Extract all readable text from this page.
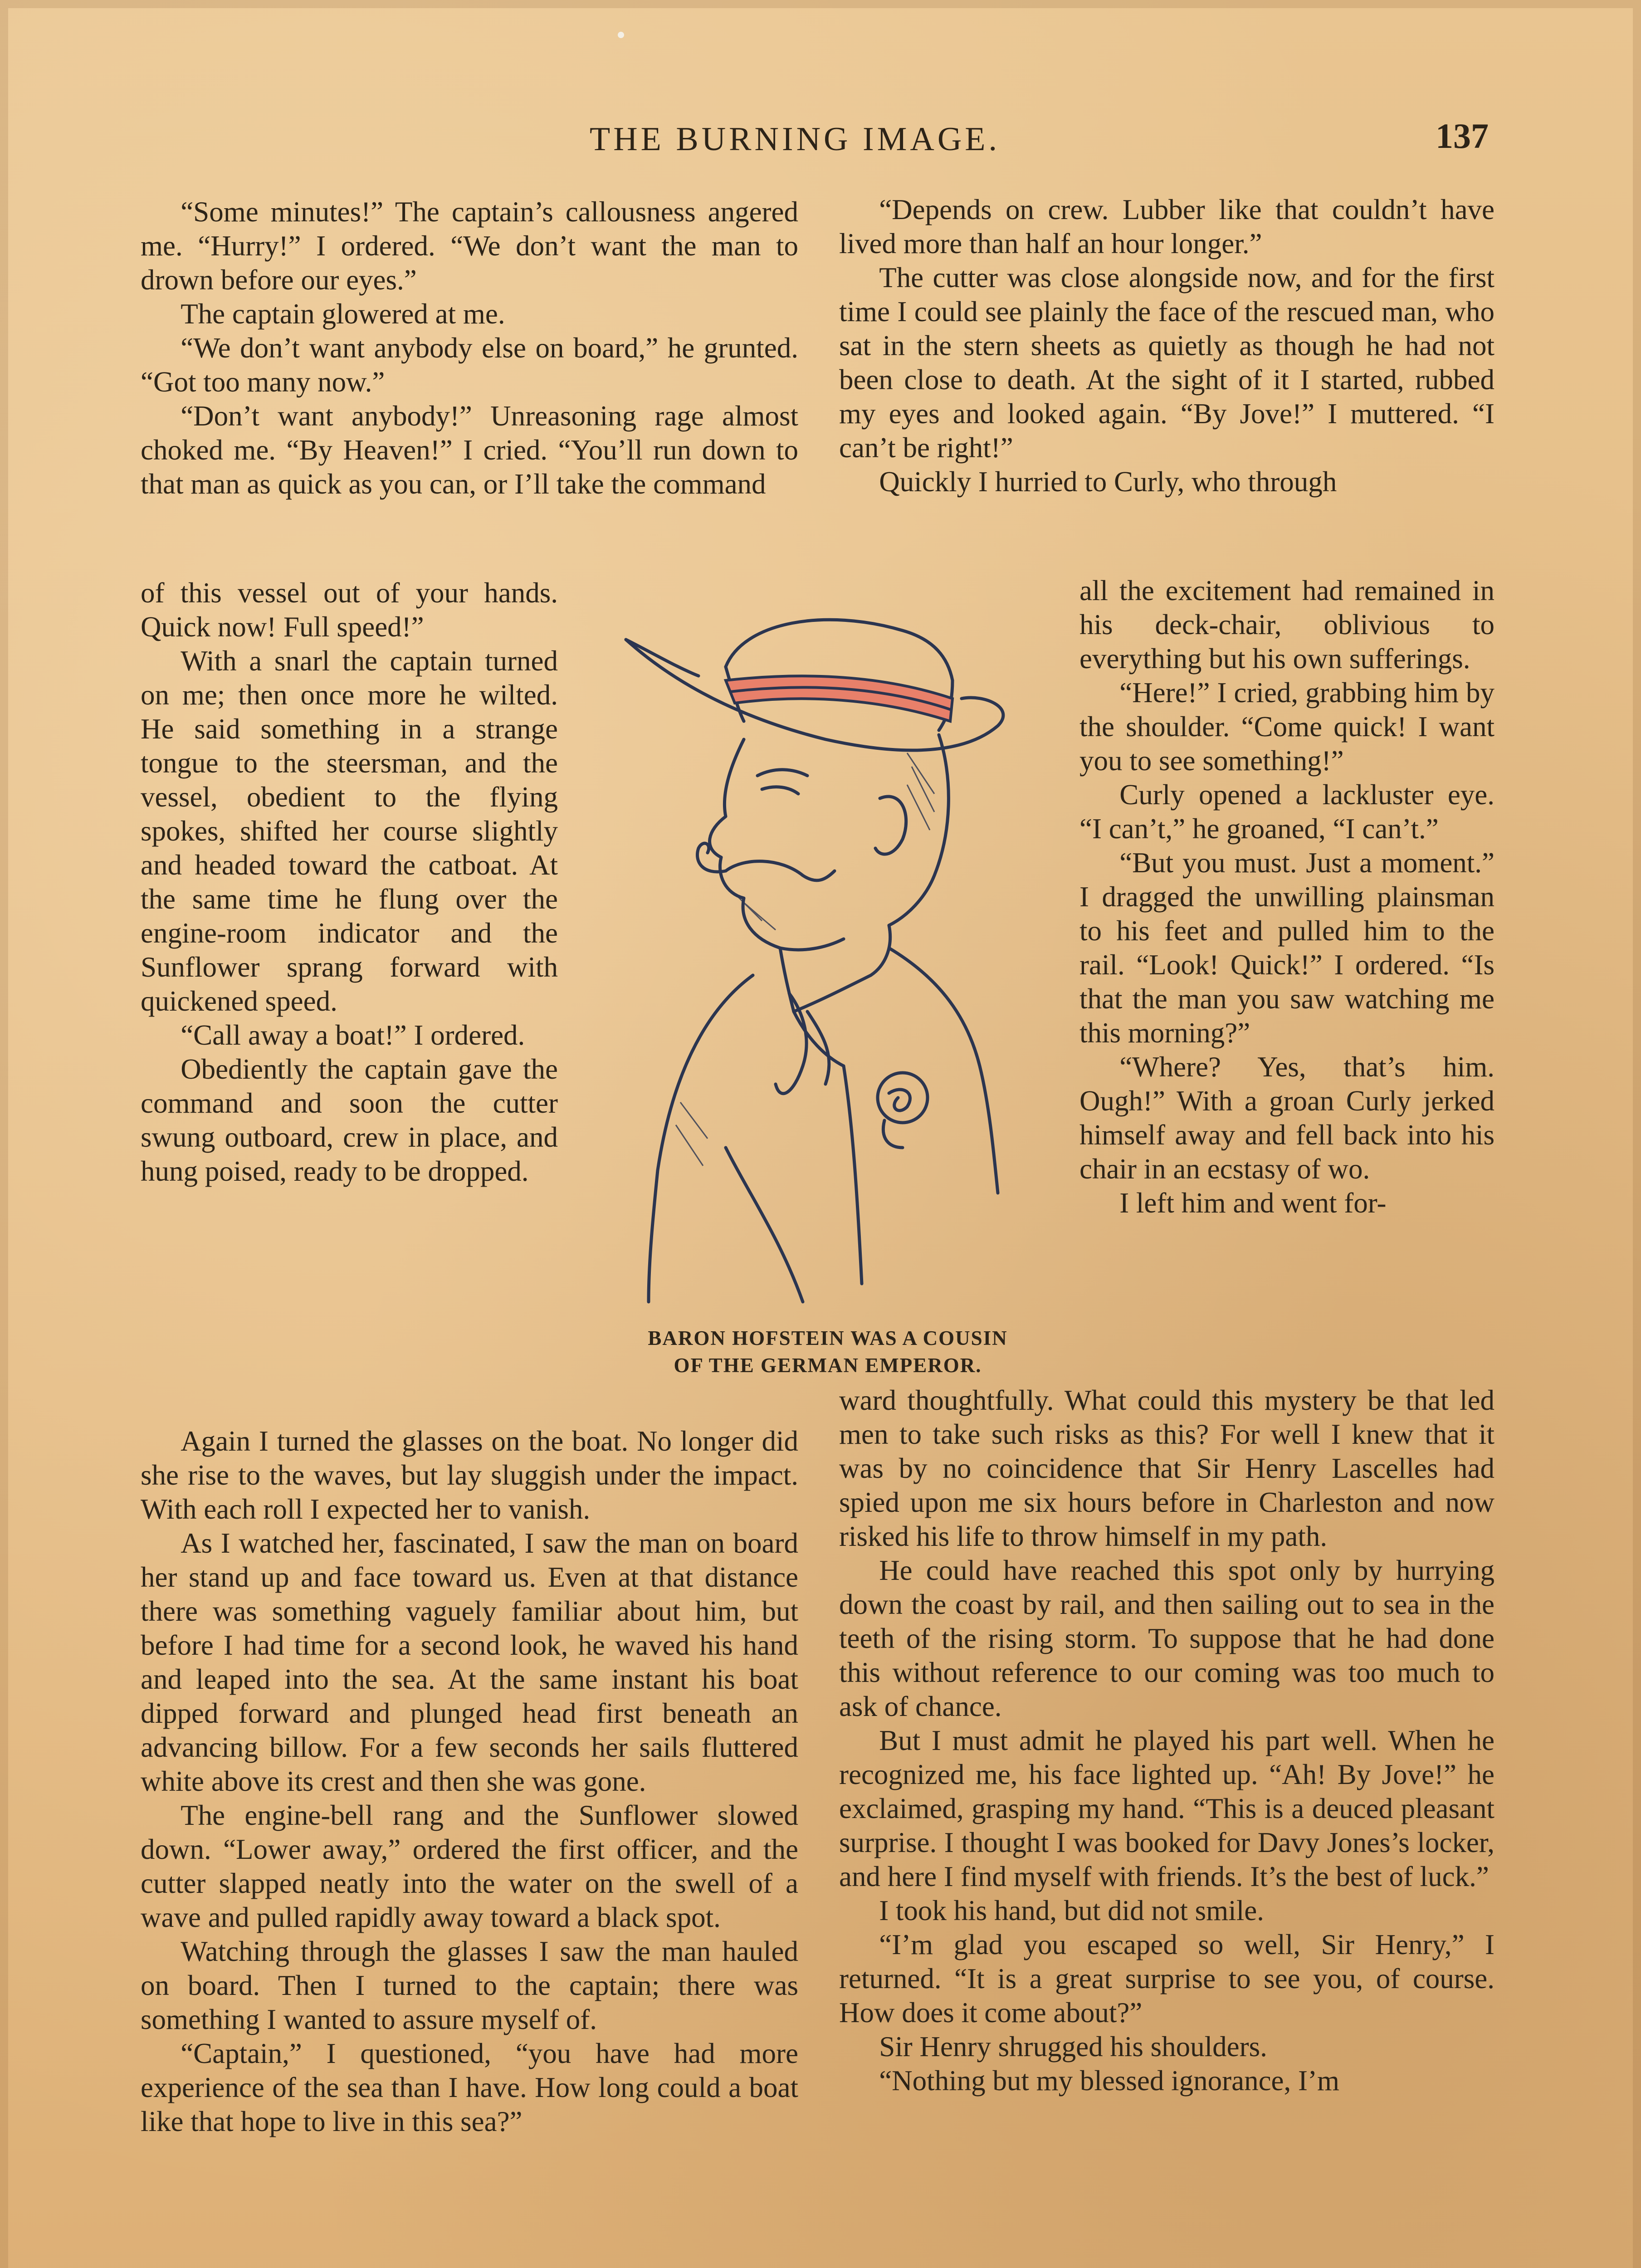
THE BURNING IMAGE.	137

“Some minutes!” The captain’s callousness angered me. “Hurry!” I ordered. “We don’t want the man to drown before our eyes.”

The captain glowered at me.

“We don’t want anybody else on board,” he grunted. “Got too many now.”

“Don’t want anybody!” Unreasoning rage almost choked me. “By Heaven!” I cried. “You’ll run down to that man as quick as you can, or I’ll take the command

of this vessel out of your hands. Quick now! Full speed!”

With a snarl the captain turned on me; then once more he wilted. He said something in a strange tongue to the steersman, and the vessel, obedient to the flying spokes, shifted her course slightly and headed toward the catboat. At the same time he flung over the engine-room indicator and the Sunflower sprang forward with quickened speed.

“Call away a boat!” I ordered.

Obediently the captain gave the command and soon the cutter swung outboard, crew in place, and hung poised, ready to be dropped.

Again I turned the glasses on the boat. No longer did she rise to the waves, but lay sluggish under the impact. With each roll I expected her to vanish.

As I watched her, fascinated, I saw the man on board her stand up and face toward us. Even at that distance there was something vaguely familiar about him, but before I had time for a second look, he waved his hand and leaped into the sea. At the same instant his boat dipped forward and plunged head first beneath an advancing billow. For a few seconds her sails fluttered white above its crest and then she was gone.

The engine-bell rang and the Sunflower slowed down. “Lower away,” ordered the first officer, and the cutter slapped neatly into the water on the swell of a wave and pulled rapidly away toward a black spot.

Watching through the glasses I saw the man hauled on board. Then I turned to the captain; there was something I wanted to assure myself of.

“Captain,” I questioned, “you have had more experience of the sea than I have. How long could a boat like that hope to live in this sea?”

“Depends on crew. Lubber like that couldn’t have lived more than half an hour longer.”

The cutter was close alongside now, and for the first time I could see plainly the face of the rescued man, who sat in the stern sheets as quietly as though he had not been close to death. At the sight of it I started, rubbed my eyes and looked again. “By Jove!” I muttered. “I can’t be right!”

Quickly I hurried to Curly, who through

all the excitement had remained in his deck-chair, oblivious to everything but his own sufferings.

“Here!” I cried, grabbing him by the shoulder. “Come quick! I want you to see something!”

Curly opened a lackluster eye. “I can’t,” he groaned, “I can’t.”

“But you must. Just a moment.” I dragged the unwilling plainsman to his feet and pulled him to the rail. “Look! Quick!” I ordered. “Is that the man you saw watching me this morning?”

“Where? Yes, that’s him. Ough!” With a groan Curly jerked himself away and fell back into his chair in an ecstasy of wo.

I left him and went for-

ward thoughtfully. What could this mystery be that led men to take such risks as this? For well I knew that it was by no coincidence that Sir Henry Lascelles had spied upon me six hours before in Charleston and now risked his life to throw himself in my path.

He could have reached this spot only by hurrying down the coast by rail, and then sailing out to sea in the teeth of the rising storm. To suppose that he had done this without reference to our coming was too much to ask of chance.

But I must admit he played his part well. When he recognized me, his face lighted up. “Ah! By Jove!” he exclaimed, grasping my hand. “This is a deuced pleasant surprise. I thought I was booked for Davy Jones’s locker, and here I find myself with friends. It’s the best of luck.”

I took his hand, but did not smile.

“I’m glad you escaped so well, Sir Henry,” I returned. “It is a great surprise to see you, of course. How does it come about?”

Sir Henry shrugged his shoulders.

“Nothing but my blessed ignorance, I’m

BARON HOFSTEIN WAS A COUSIN
OF THE GERMAN EMPEROR.
